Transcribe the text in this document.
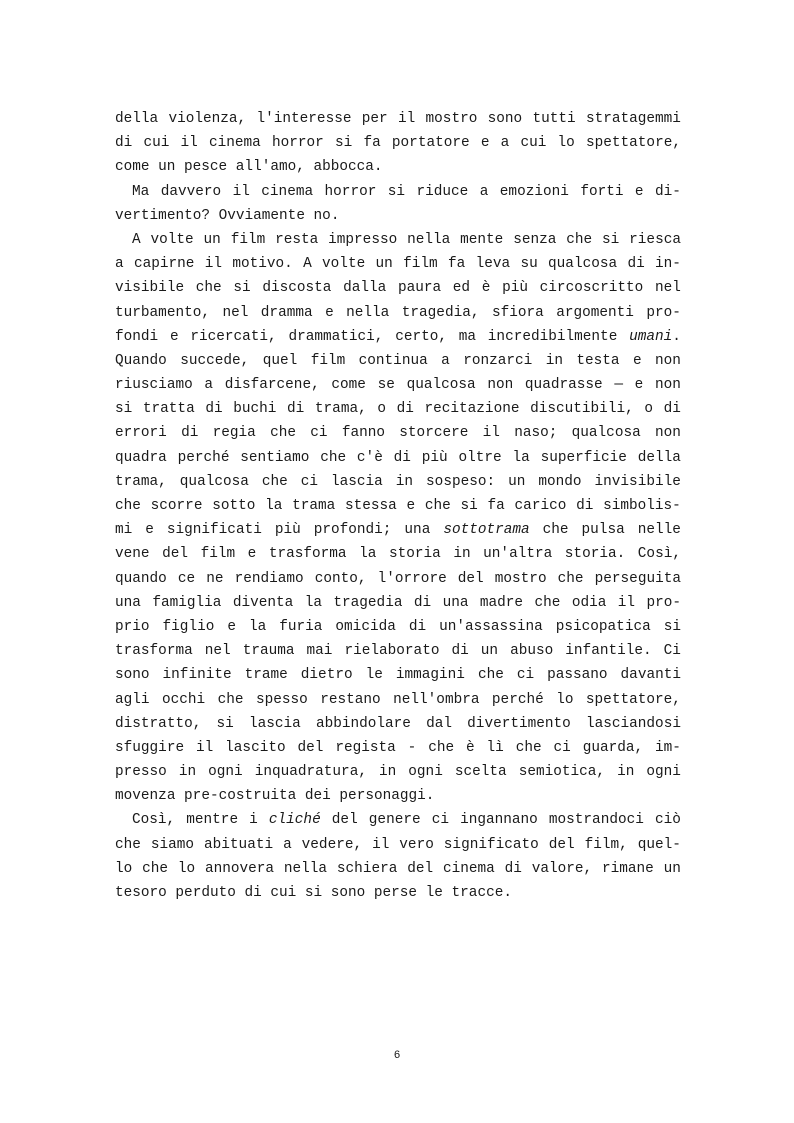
della violenza, l'interesse per il mostro sono tutti stratagemmi
di cui il cinema horror si fa portatore e a cui lo spettatore,
come un pesce all'amo, abbocca.
Ma davvero il cinema horror si riduce a emozioni forti e di-
vertimento? Ovviamente no.
A volte un film resta impresso nella mente senza che si riesca
a capirne il motivo. A volte un film fa leva su qualcosa di in-
visibile che si discosta dalla paura ed è più circoscritto nel
turbamento, nel dramma e nella tragedia, sfiora argomenti pro-
fondi e ricercati, drammatici, certo, ma incredibilmente umani.
Quando succede, quel film continua a ronzarci in testa e non
riusciamo a disfarcene, come se qualcosa non quadrasse — e non
si tratta di buchi di trama, o di recitazione discutibili, o di
errori di regia che ci fanno storcere il naso; qualcosa non
quadra perché sentiamo che c'è di più oltre la superficie della
trama, qualcosa che ci lascia in sospeso: un mondo invisibile
che scorre sotto la trama stessa e che si fa carico di simbolis-
mi e significati più profondi; una sottotrama che pulsa nelle
vene del film e trasforma la storia in un'altra storia. Così,
quando ce ne rendiamo conto, l'orrore del mostro che perseguita
una famiglia diventa la tragedia di una madre che odia il pro-
prio figlio e la furia omicida di un'assassina psicopatica si
trasforma nel trauma mai rielaborato di un abuso infantile. Ci
sono infinite trame dietro le immagini che ci passano davanti
agli occhi che spesso restano nell'ombra perché lo spettatore,
distratto, si lascia abbindolare dal divertimento lasciandosi
sfuggire il lascito del regista - che è lì che ci guarda, im-
presso in ogni inquadratura, in ogni scelta semiotica, in ogni
movenza pre-costruita dei personaggi.
Così, mentre i cliché del genere ci ingannano mostrandoci ciò
che siamo abituati a vedere, il vero significato del film, quel-
lo che lo annovera nella schiera del cinema di valore, rimane un
tesoro perduto di cui si sono perse le tracce.
6
